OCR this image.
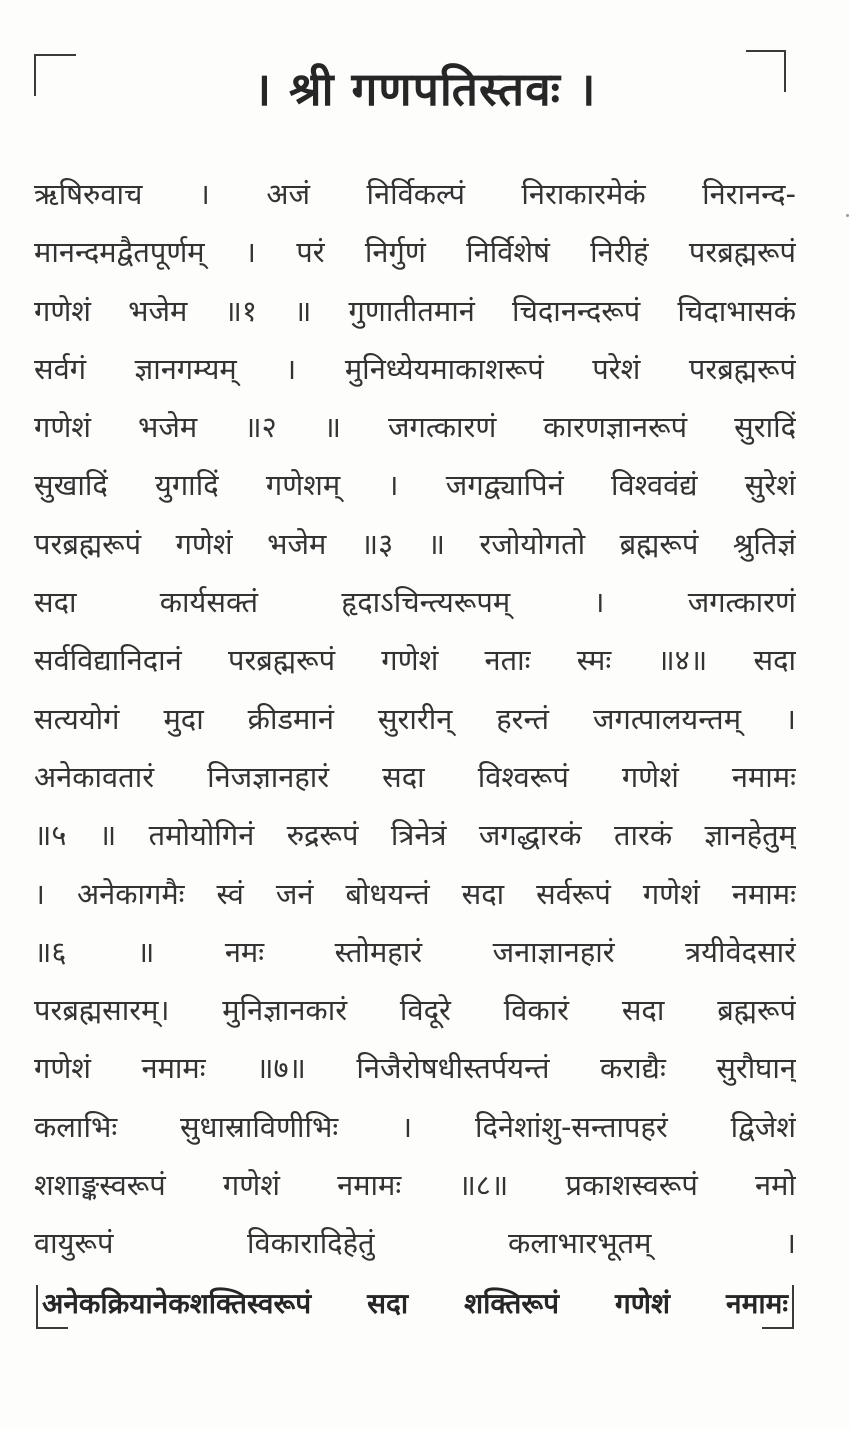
। श्री गणपतिस्तवः ।
ऋषिरुवाच । अजं निर्विकल्पं निराकारमेकं निरानन्द-
मानन्दमद्वैतपूर्णम् । परं निर्गुणं निर्विशेषं निरीहं परब्रह्मरूपं
गणेशं भजेम ॥१ ॥ गुणातीतमानं चिदानन्दरूपं चिदाभासकं
सर्वगं ज्ञानगम्यम् । मुनिध्येयमाकाशरूपं परेशं परब्रह्मरूपं
गणेशं भजेम ॥२ ॥ जगत्कारणं कारणज्ञानरूपं सुरादिं
सुखादिं युगादिं गणेशम् । जगद्व्यापिनं विश्ववंद्यं सुरेशं
परब्रह्मरूपं गणेशं भजेम ॥३ ॥ रजोयोगतो ब्रह्मरूपं श्रुतिज्ञं
सदा कार्यसक्तं हृदाऽचिन्त्यरूपम् । जगत्कारणं
सर्वविद्यानिदानं परब्रह्मरूपं गणेशं नताः स्मः ॥४॥ सदा
सत्ययोगं मुदा क्रीडमानं सुरारीन् हरन्तं जगत्पालयन्तम् ।
अनेकावतारं निजज्ञानहारं सदा विश्वरूपं गणेशं नमामः
॥५ ॥ तमोयोगिनं रुद्ररूपं त्रिनेत्रं जगद्धारकं तारकं ज्ञानहेतुम्
। अनेकागमैः स्वं जनं बोधयन्तं सदा सर्वरूपं गणेशं नमामः
॥६ ॥ नमः स्तोमहारं जनाज्ञानहारं त्रयीवेदसारं
परब्रह्मसारम्। मुनिज्ञानकारं विदूरे विकारं सदा ब्रह्मरूपं
गणेशं नमामः ॥७॥ निजैरोषधीस्तर्पयन्तं कराद्यैः सुरौघान्
कलाभिः सुधास्राविणीभिः । दिनेशांशु-सन्तापहरं द्विजेशं
शशाङ्कस्वरूपं गणेशं नमामः ॥८॥ प्रकाशस्वरूपं नमो
वायुरूपं विकारादिहेतुं कलाभारभूतम् ।
अनेकक्रियानेकशक्तिस्वरूपं सदा शक्तिरूपं गणेशं नमामः
